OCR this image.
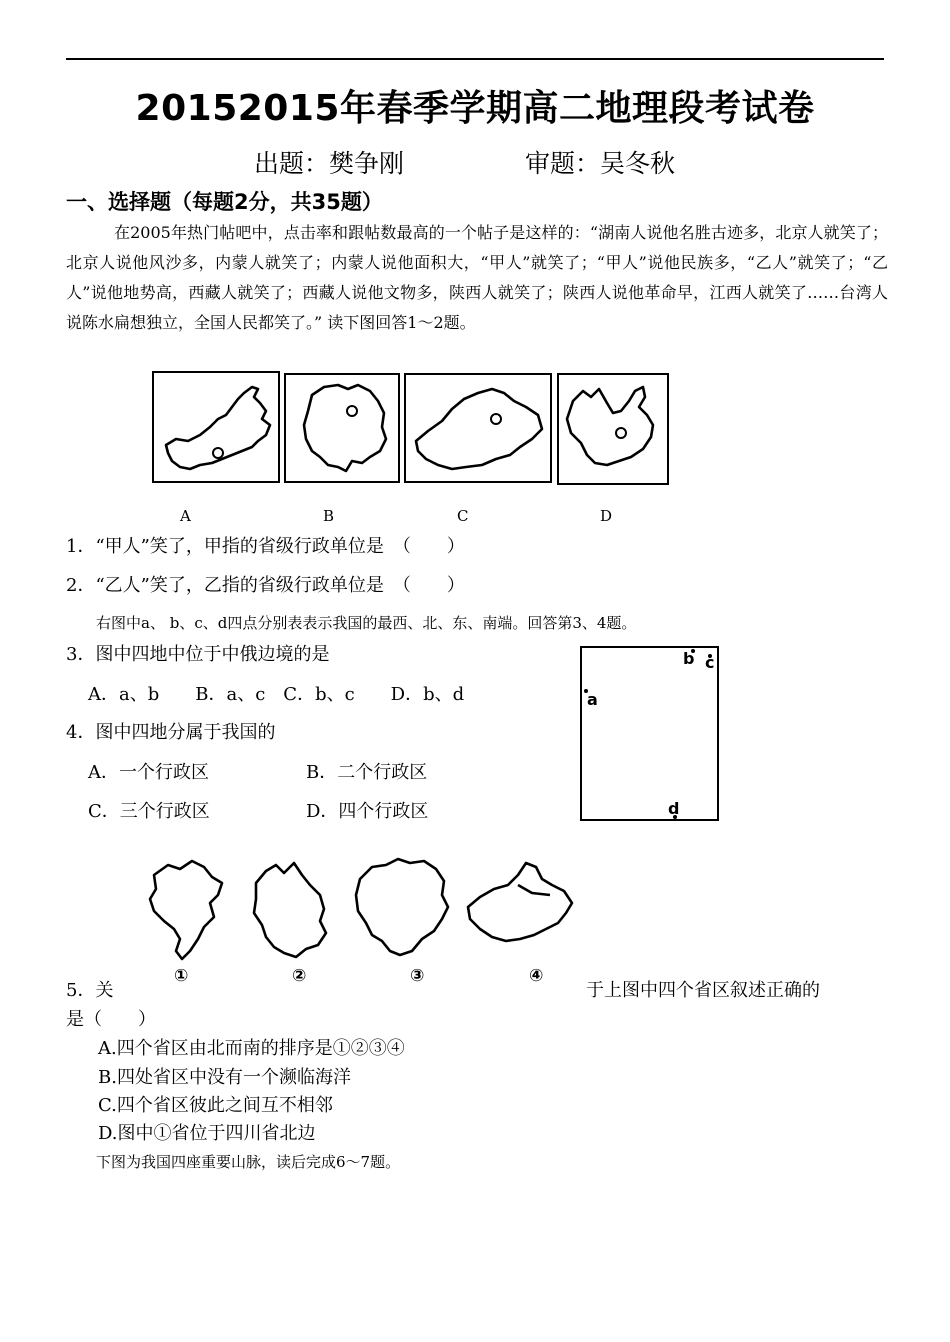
20152015年春季学期高二地理段考试卷
出题：樊争刚	审题：吴冬秋
一、选择题（每题2分，共35题）
在2005年热门帖吧中，点击率和跟帖数最高的一个帖子是这样的：“湖南人说他名胜古迹多，北京人就笑了；北京人说他风沙多，内蒙人就笑了；内蒙人说他面积大，“甲人”就笑了；“甲人”说他民族多，“乙人”就笑了；“乙人”说他地势高，西藏人就笑了；西藏人说他文物多，陕西人就笑了；陕西人说他革命早，江西人就笑了……台湾人说陈水扁想独立，全国人民都笑了。” 读下图回答1～2题。
A	B	C	D
1．“甲人”笑了，甲指的省级行政单位是　（　　）
2．“乙人”笑了，乙指的省级行政单位是　（　　）
右图中a、 b、c、d四点分别表表示我国的最西、北、东、南端。回答第3、4题。
3．图中四地中位于中俄边境的是
A．a、b　　B．a、c　C．b、c　　D．b、d
4．图中四地分属于我国的
A．一个行政区	B．二个行政区
C．三个行政区	D．四个行政区
b c
a
d
①	②	③	④
5．关	于上图中四个省区叙述正确的
是（　　）
A.四个省区由北而南的排序是①②③④
B.四处省区中没有一个濒临海洋
C.四个省区彼此之间互不相邻
D.图中①省位于四川省北边
下图为我国四座重要山脉，读后完成6～7题。
